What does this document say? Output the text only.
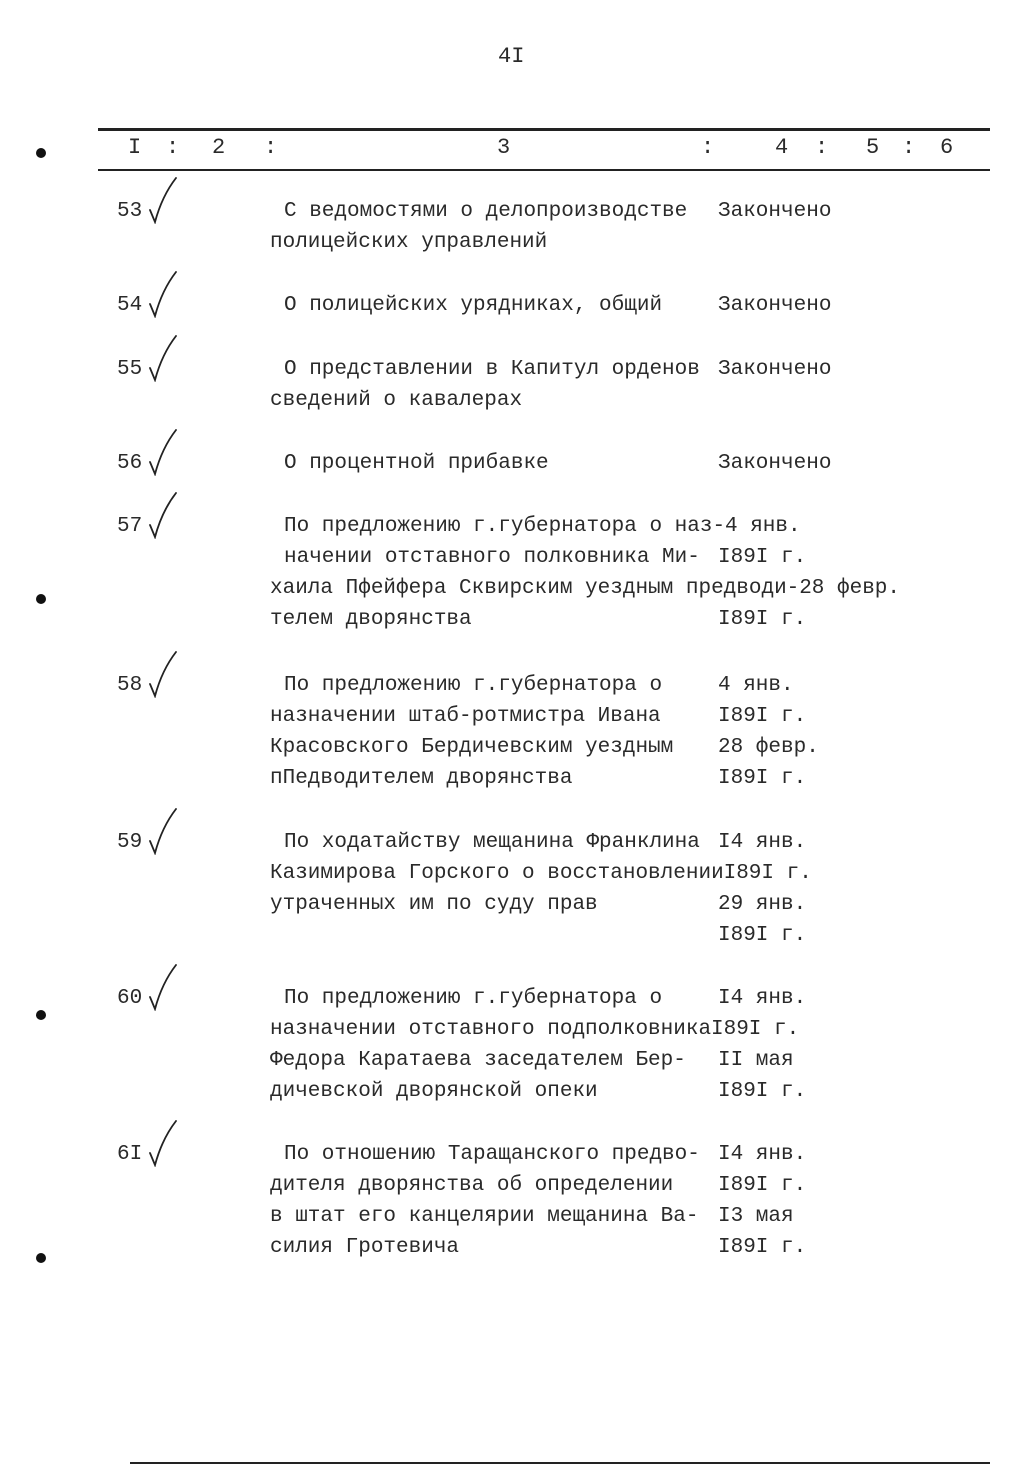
4I
I : 2 :	3	:	4 : 5 : 6
53	С ведомостями о делопроизводстве Закончено
полицейских управлений
54	О полицейских урядниках, общий	Закончено
55	О представлении в Капитул орденов Закончено
сведений о кавалерах
56	О процентной прибавке	Закончено
57	По предложению г.губернатора о наз- 4 янв.
начении отставного полковника Ми- I89I г.
хаила Пфейфера Сквирским уездным предводи- 28 февр.
телем дворянства	I89I г.
58	По предложению г.губернатора о	4 янв.
назначении штаб-ротмистра Ивана	I89I г.
Красовского Бердичевским уездным 28 февр.
пПедводителем дворянства	I89I г.
59	По ходатайству мещанина Франклина I4 янв.
Казимирова Горского о восстановлении I89I г.
утраченных им по суду прав	29 янв.
I89I г.
60	По предложению г.губернатора о	I4 янв.
назначении отставного подполковника I89I г.
Федора Каратаева заседателем Бер- II мая
дичевской дворянской опеки	I89I г.
6I	По отношению Таращанского предво- I4 янв.
дителя дворянства об определении I89I г.
в штат его канцелярии мещанина Ва- I3 мая
силия Гротевича	I89I г.
